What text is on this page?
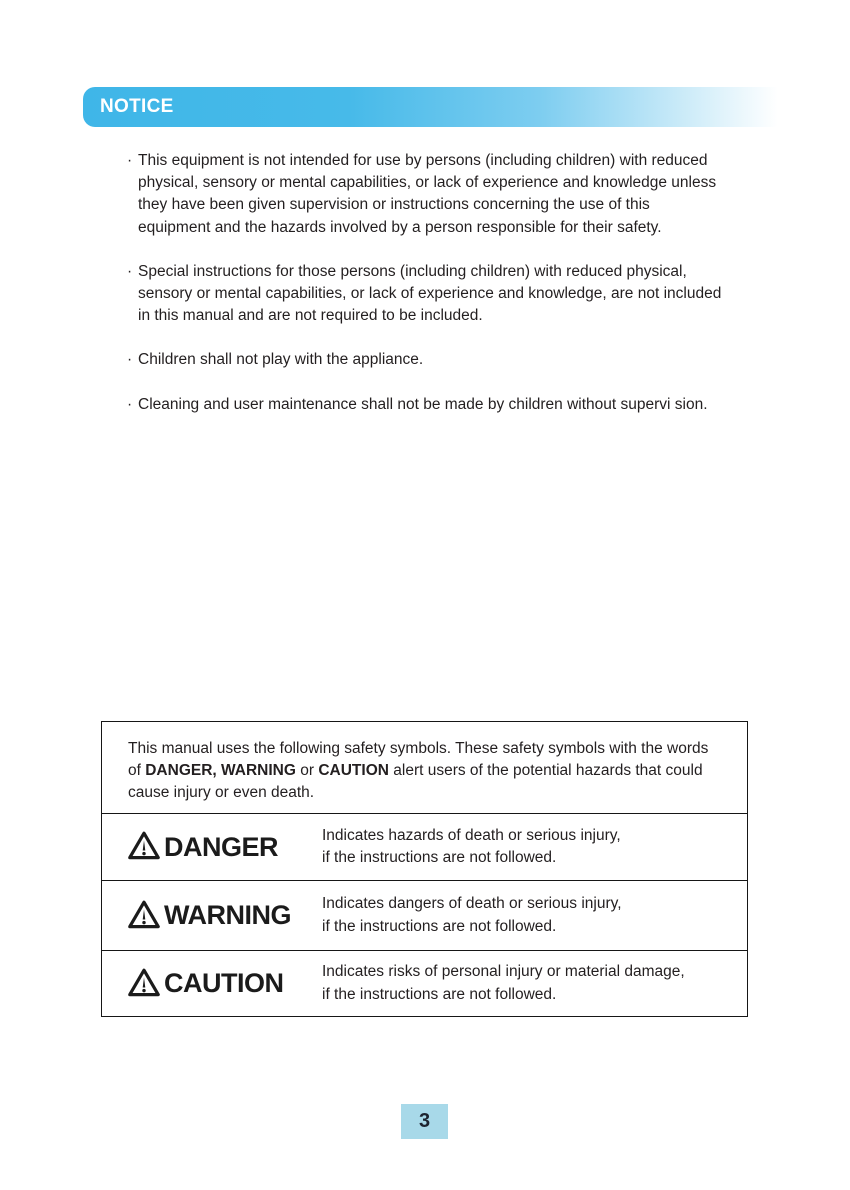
NOTICE
· This equipment is not intended for use by persons (including children) with reduced physical, sensory or mental capabilities, or lack of experience and knowledge unless they have been given supervision or instructions concerning the use of this equipment and the hazards involved by a person responsible for their safety.
· Special instructions for those persons (including children) with reduced physical, sensory or mental capabilities, or lack of experience and knowledge, are not included in this manual and are not required to be included.
· Children shall not play with the appliance.
· Cleaning and user maintenance shall not be made by children without supervi sion.
This manual uses the following safety symbols. These safety symbols with the words of DANGER, WARNING or CAUTION alert users of the potential hazards that could cause injury or even death.
DANGER	Indicates hazards of death or serious injury,
if the instructions are not followed.
WARNING Indicates dangers of death or serious injury,
if the instructions are not followed.
CAUTION Indicates risks of personal injury or material damage,
if the instructions are not followed.
3
